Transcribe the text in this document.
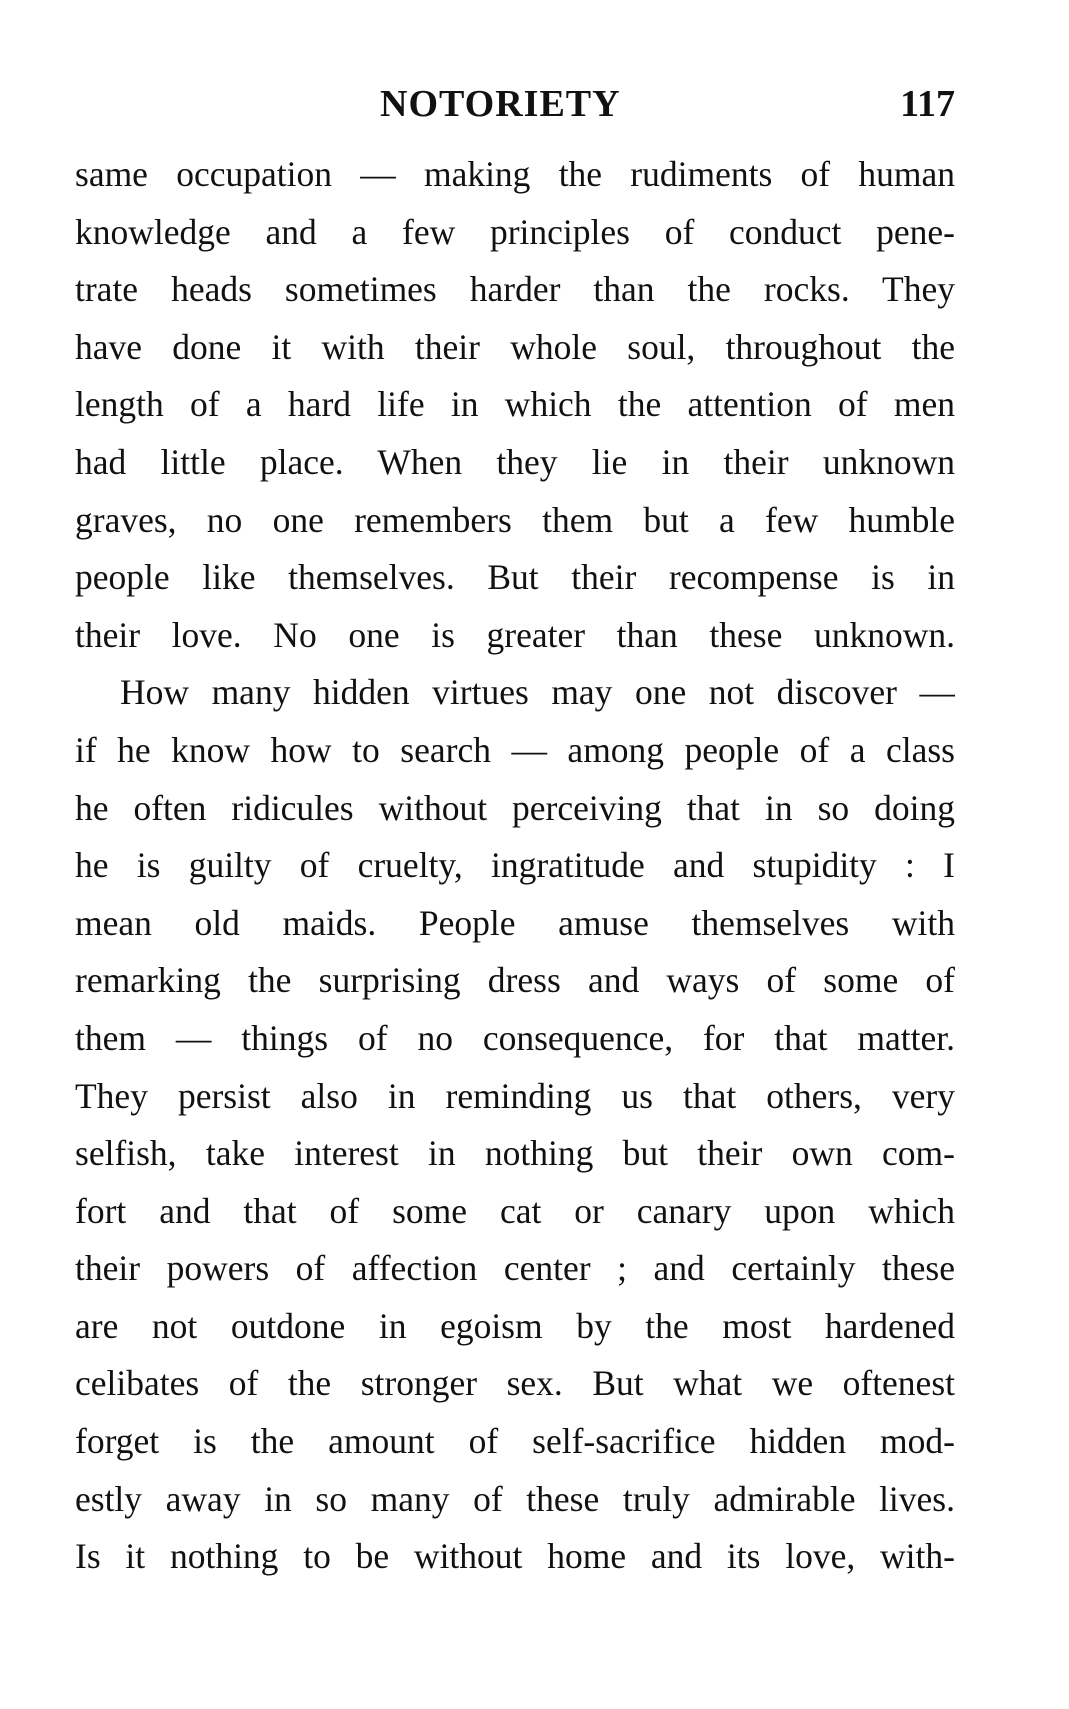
NOTORIETY	117
same occupation — making the rudiments of human
knowledge and a few principles of conduct pene-
trate heads sometimes harder than the rocks. They
have done it with their whole soul, throughout the
length of a hard life in which the attention of men
had little place. When they lie in their unknown
graves, no one remembers them but a few humble
people like themselves. But their recompense is in
their love. No one is greater than these unknown.
How many hidden virtues may one not discover —
if he know how to search — among people of a class
he often ridicules without perceiving that in so doing
he is guilty of cruelty, ingratitude and stupidity : I
mean old maids. People amuse themselves with
remarking the surprising dress and ways of some of
them — things of no consequence, for that matter.
They persist also in reminding us that others, very
selfish, take interest in nothing but their own com-
fort and that of some cat or canary upon which
their powers of affection center ; and certainly these
are not outdone in egoism by the most hardened
celibates of the stronger sex. But what we oftenest
forget is the amount of self-sacrifice hidden mod-
estly away in so many of these truly admirable lives.
Is it nothing to be without home and its love, with-
